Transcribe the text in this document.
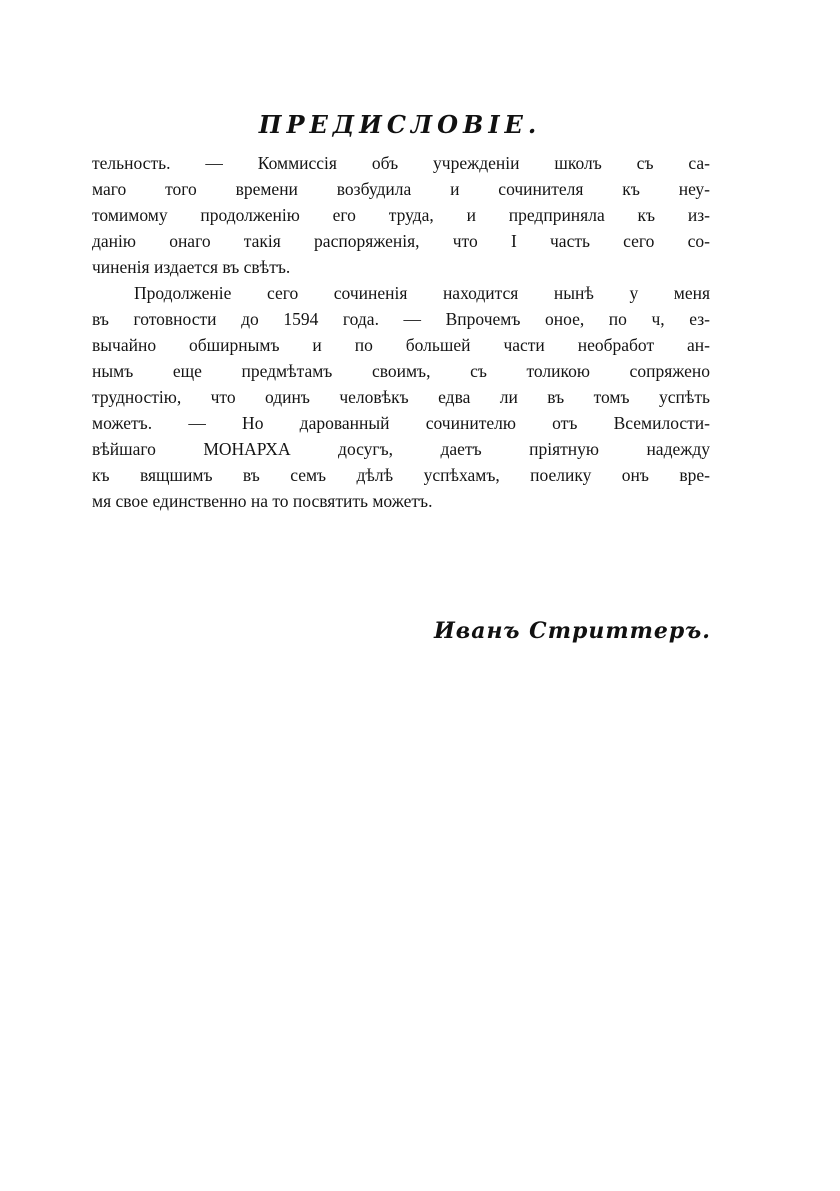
ПРЕДИСЛОВIЕ.
тельность. — Коммиссiя объ учрежденiи школъ съ са-
маго того времени возбудила и сочинителя къ неу-
томимому продолженiю его труда, и предприняла къ из-
данiю онаго такiя распоряженiя, что I часть сего со-
чиненiя издается въ свѣтъ.
Продолженiе сего сочиненiя находится нынѣ у меня
въ готовности до 1594 года. — Впрочемъ оное, по ч, ез-
вычайно обширнымъ и по большей части необработ ан-
нымъ еще предмѣтамъ своимъ, съ толикою сопряжено
трудностiю, что одинъ человѣкъ едва ли въ томъ успѣть
можетъ. — Но дарованный сочинителю отъ Всемилости-
вѣйшаго МОНАРХА досугъ, даетъ прiятную надежду
къ вящшимъ въ семъ дѣлѣ успѣхамъ, поелику онъ вре-
мя свое единственно на то посвятить можетъ.
Иванъ Стриттеръ.
